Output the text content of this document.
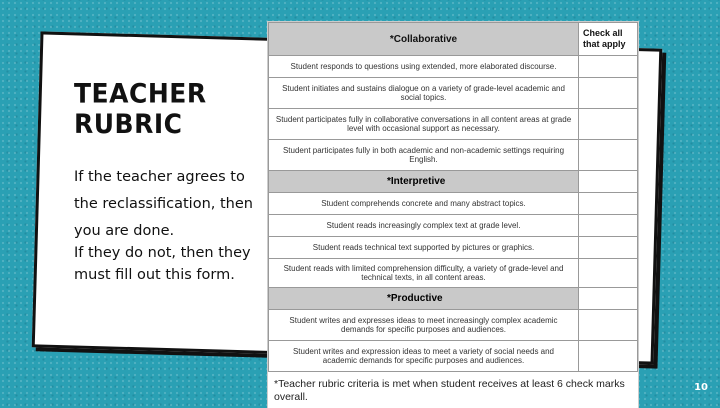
TEACHER RUBRIC

If the teacher agrees to the reclassification, then you are done.

If they do not, then they must fill out this form.

*Collaborative	Check all that apply
Student responds to questions using extended, more elaborated discourse.	
Student initiates and sustains dialogue on a variety of grade-level academic and social topics.	
Student participates fully in collaborative conversations in all content areas at grade level with occasional support as necessary.	
Student participates fully in both academic and non-academic settings requiring English.	
*Interpretive	
Student comprehends concrete and many abstract topics.	
Student reads increasingly complex text at grade level.	
Student reads technical text supported by pictures or graphics.	
Student reads with limited comprehension difficulty, a variety of grade-level and technical texts, in all content areas.	
*Productive	
Student writes and expresses ideas to meet increasingly complex academic demands for specific purposes and audiences.	
Student writes and expression ideas to meet a variety of social needs and academic demands for specific purposes and audiences.	
*Teacher rubric criteria is met when student receives at least 6 check marks overall.
10
